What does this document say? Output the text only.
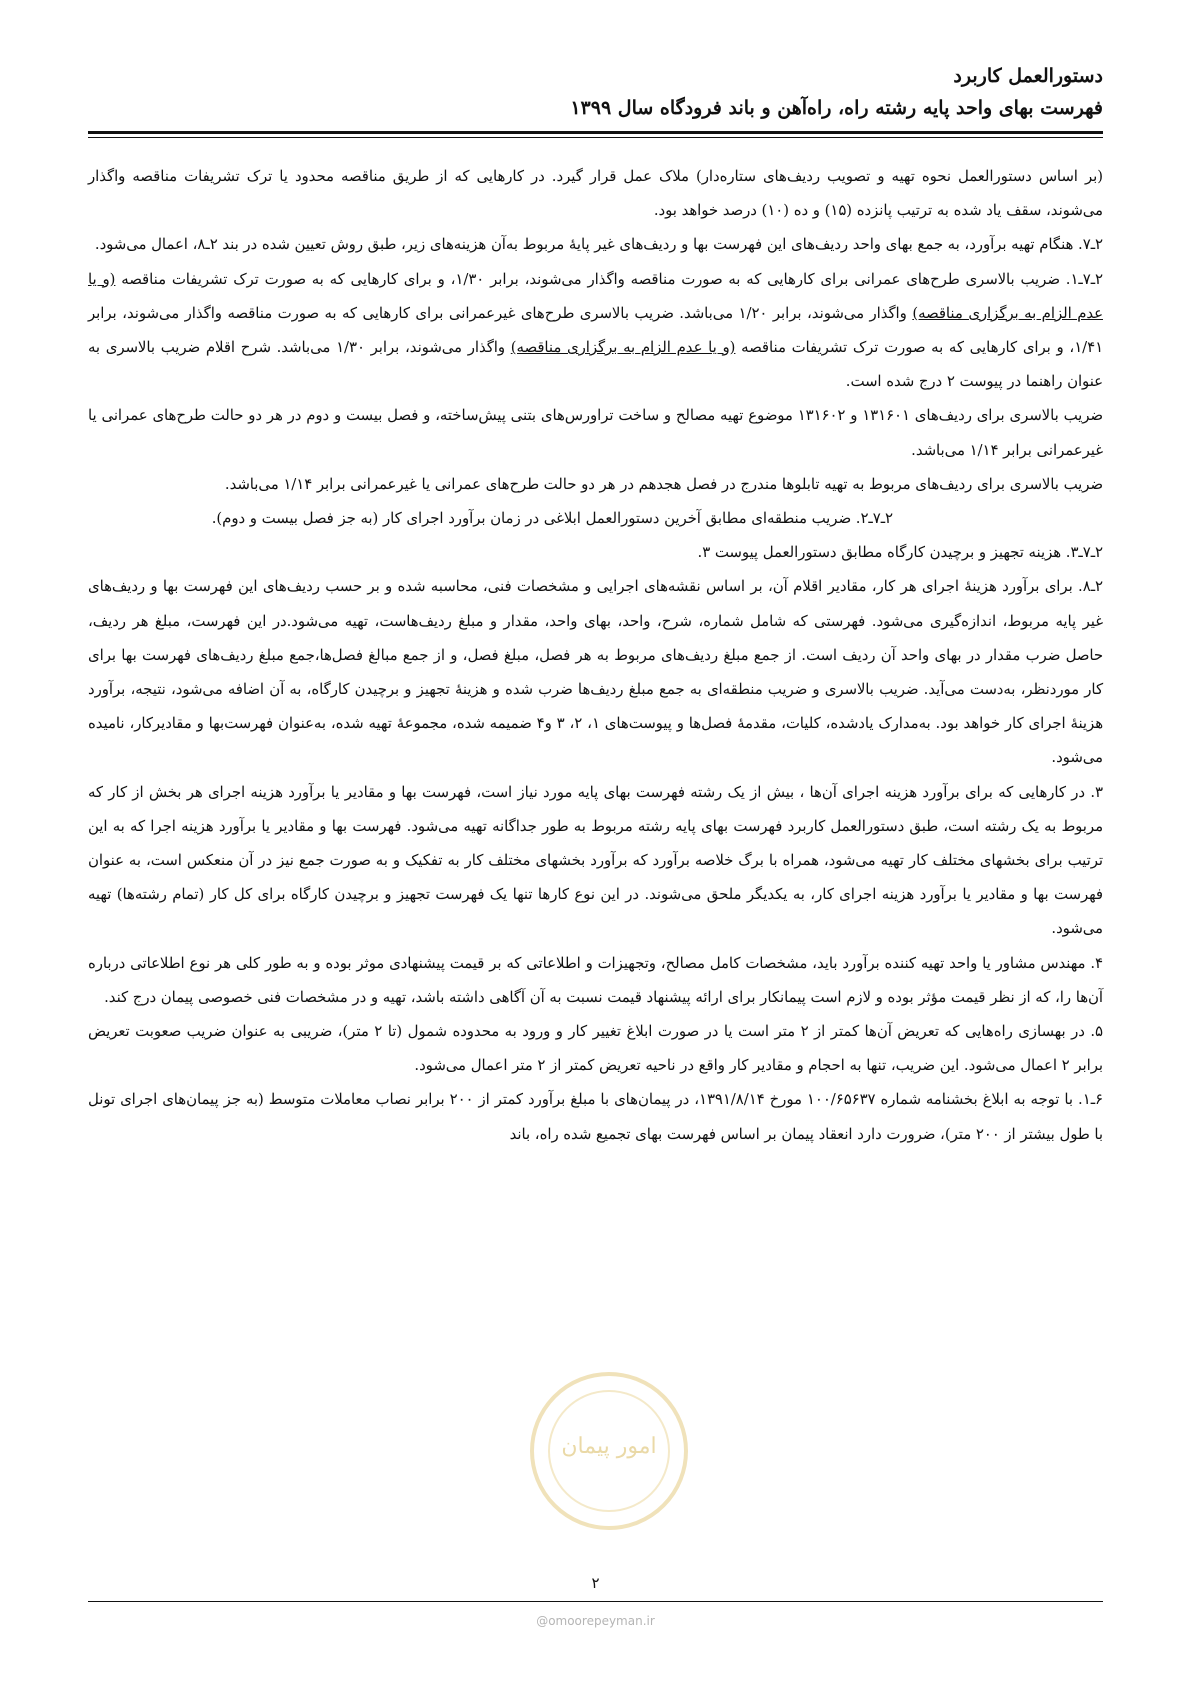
دستورالعمل کاربرد
فهرست بهای واحد پایه رشته راه، راه‌آهن و باند فرودگاه سال ۱۳۹۹

(بر اساس دستورالعمل نحوه تهیه و تصویب ردیف‌های ستاره‌دار) ملاک عمل قرار گیرد. در کارهایی که از طریق مناقصه محدود یا ترک تشریفات مناقصه واگذار می‌شوند، سقف یاد شده به ترتیب پانزده (۱۵) و ده (۱۰) درصد خواهد بود.

۲ـ۷. هنگام تهیه برآورد، به جمع بهای واحد ردیف‌های این فهرست بها و ردیف‌های غیر پایهٔ مربوط به‌آن هزینه‌های زیر، طبق روش تعیین شده در بند ۲ـ۸، اعمال می‌شود.

۲ـ۷ـ۱. ضریب بالاسری طرح‌های عمرانی برای کارهایی که به صورت مناقصه واگذار می‌شوند، برابر ۱/۳۰، و برای کارهایی که به صورت ترک تشریفات مناقصه (و یا عدم الزام به برگزاری مناقصه) واگذار می‌شوند، برابر ۱/۲۰ می‌باشد. ضریب بالاسری طرح‌های غیرعمرانی برای کارهایی که به صورت مناقصه واگذار می‌شوند، برابر ۱/۴۱، و برای کارهایی که به صورت ترک تشریفات مناقصه (و یا عدم الزام به برگزاری مناقصه) واگذار می‌شوند، برابر ۱/۳۰ می‌باشد. شرح اقلام ضریب بالاسری به عنوان راهنما در پیوست ۲ درج شده است.

ضریب بالاسری برای ردیف‌های ۱۳۱۶۰۱ و ۱۳۱۶۰۲ موضوع تهیه مصالح و ساخت تراورس‌های بتنی پیش‌ساخته، و فصل بیست و دوم در هر دو حالت طرح‌های عمرانی یا غیرعمرانی برابر ۱/۱۴ می‌باشد.

ضریب بالاسری برای ردیف‌های مربوط به تهیه تابلوها مندرج در فصل هجدهم در هر دو حالت طرح‌های عمرانی یا غیرعمرانی برابر ۱/۱۴ می‌باشد.

۲ـ۷ـ۲. ضریب منطقه‌ای مطابق آخرین دستورالعمل ابلاغی در زمان برآورد اجرای کار (به جز فصل بیست و دوم).

۲ـ۷ـ۳. هزینه تجهیز و برچیدن کارگاه مطابق دستورالعمل پیوست ۳.

۲ـ۸. برای برآورد هزینهٔ اجرای هر کار، مقادیر اقلام آن، بر اساس نقشه‌های اجرایی و مشخصات فنی، محاسبه شده و بر حسب ردیف‌های این فهرست بها و ردیف‌های غیر پایه مربوط، اندازه‌گیری می‌شود. فهرستی که شامل شماره، شرح، واحد، بهای واحد، مقدار و مبلغ ردیف‌هاست، تهیه می‌شود.در این فهرست، مبلغ هر ردیف، حاصل ضرب مقدار در بهای واحد آن ردیف است. از جمع مبلغ ردیف‌های مربوط به هر فصل، مبلغ فصل، و از جمع مبالغ فصل‌ها،جمع مبلغ ردیف‌های فهرست بها برای کار موردنظر، به‌دست می‌آید. ضریب بالاسری و ضریب منطقه‌ای به جمع مبلغ ردیف‌ها ضرب شده و هزینهٔ تجهیز و برچیدن کارگاه، به آن اضافه می‌شود، نتیجه، برآورد هزینهٔ اجرای کار خواهد بود. به‌مدارک یادشده، کلیات، مقدمهٔ فصل‌ها و پیوست‌های ۱، ۲، ۳ و۴ ضمیمه شده، مجموعهٔ تهیه شده، به‌عنوان فهرست‌بها و مقادیرکار، نامیده می‌شود.

۳. در کارهایی که برای برآورد هزینه اجرای آن‌ها ، بیش از یک رشته فهرست بهای پایه مورد نیاز است، فهرست بها و مقادیر یا برآورد هزینه اجرای هر بخش از کار که مربوط به یک رشته است، طبق دستورالعمل کاربرد فهرست بهای پایه رشته مربوط به طور جداگانه تهیه می‌شود. فهرست بها و مقادیر یا برآورد هزینه اجرا که به این ترتیب برای بخشهای مختلف کار تهیه می‌شود، همراه با برگ خلاصه برآورد که برآورد بخشهای مختلف کار به تفکیک و به صورت جمع نیز در آن منعکس است، به عنوان فهرست بها و مقادیر یا برآورد هزینه اجرای کار، به یکدیگر ملحق می‌شوند. در این نوع کارها تنها یک فهرست تجهیز و برچیدن کارگاه برای کل کار (تمام رشته‌ها) تهیه می‌شود.

۴. مهندس مشاور یا واحد تهیه کننده برآورد باید، مشخصات کامل مصالح، وتجهیزات و اطلاعاتی که بر قیمت پیشنهادی موثر بوده و به طور کلی هر نوع اطلاعاتی درباره آن‌ها را، که از نظر قیمت مؤثر بوده و لازم است پیمانکار برای ارائه پیشنهاد قیمت نسبت به آن آگاهی داشته باشد، تهیه و در مشخصات فنی خصوصی پیمان درج کند.

۵. در بهسازی راه‌هایی که تعریض آن‌ها کمتر از ۲ متر است یا در صورت ابلاغ تغییر کار و ورود به محدوده شمول (تا ۲ متر)، ضریبی به عنوان ضریب صعوبت تعریض برابر ۲ اعمال می‌شود. این ضریب، تنها به احجام و مقادیر کار واقع در ناحیه تعریض کمتر از ۲ متر اعمال می‌شود.

۶ـ۱. با توجه به ابلاغ بخشنامه شماره ۱۰۰/۶۵۶۳۷ مورخ ۱۳۹۱/۸/۱۴، در پیمان‌های با مبلغ برآورد کمتر از ۲۰۰ برابر نصاب معاملات متوسط (به جز پیمان‌های اجرای تونل با طول بیشتر از ۲۰۰ متر)، ضرورت دارد انعقاد پیمان بر اساس فهرست بهای تجمیع شده راه، باند

امور پیمان
۲
@omoorepeyman.ir
